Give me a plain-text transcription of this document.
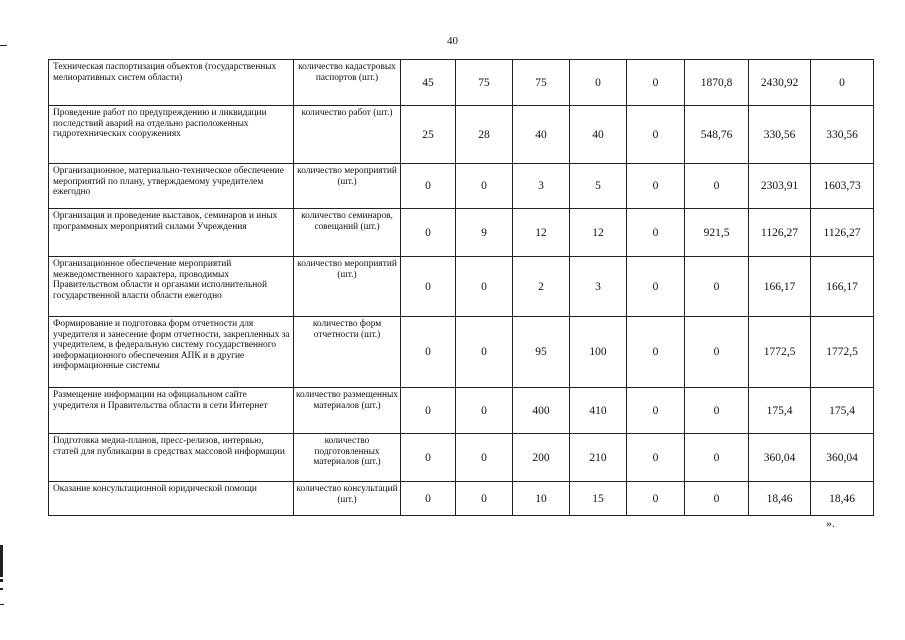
40
Техническая паспортизация объектов (государственных мелиоративных систем области)	количество кадастровых паспортов (шт.)	45	75	75	0	0	1870,8	2430,92	0
Проведение работ по предупреждению и ликвидации последствий аварий на отдельно расположенных гидротехнических сооружениях	количество работ (шт.)	25	28	40	40	0	548,76	330,56	330,56
Организационное, материально-техническое обеспечение мероприятий по плану, утверждаемому учредителем ежегодно	количество мероприятий (шт.)	0	0	3	5	0	0	2303,91	1603,73
Организация и проведение выставок, семинаров и иных программных мероприятий силами Учреждения	количество семинаров, совещаний (шт.)	0	9	12	12	0	921,5	1126,27	1126,27
Организационное обеспечение мероприятий межведомственного характера, проводимых Правительством области и органами исполнительной государственной власти области ежегодно	количество мероприятий (шт.)	0	0	2	3	0	0	166,17	166,17
Формирование и подготовка форм отчетности для учредителя и занесение форм отчетности, закрепленных за учредителем, в федеральную систему государственного информационного обеспечения АПК и в другие информационные системы	количество форм отчетности (шт.)	0	0	95	100	0	0	1772,5	1772,5
Размещение информации на официальном сайте учредителя и Правительства области в сети Интернет	количество размещенных материалов (шт.)	0	0	400	410	0	0	175,4	175,4
Подготовка медиа-планов, пресс-релизов, интервью, статей для публикации в средствах массовой информации	количество подготовленных материалов (шт.)	0	0	200	210	0	0	360,04	360,04
Оказание консультационной юридической помощи	количество консультаций (шт.)	0	0	10	15	0	0	18,46	18,46
».
